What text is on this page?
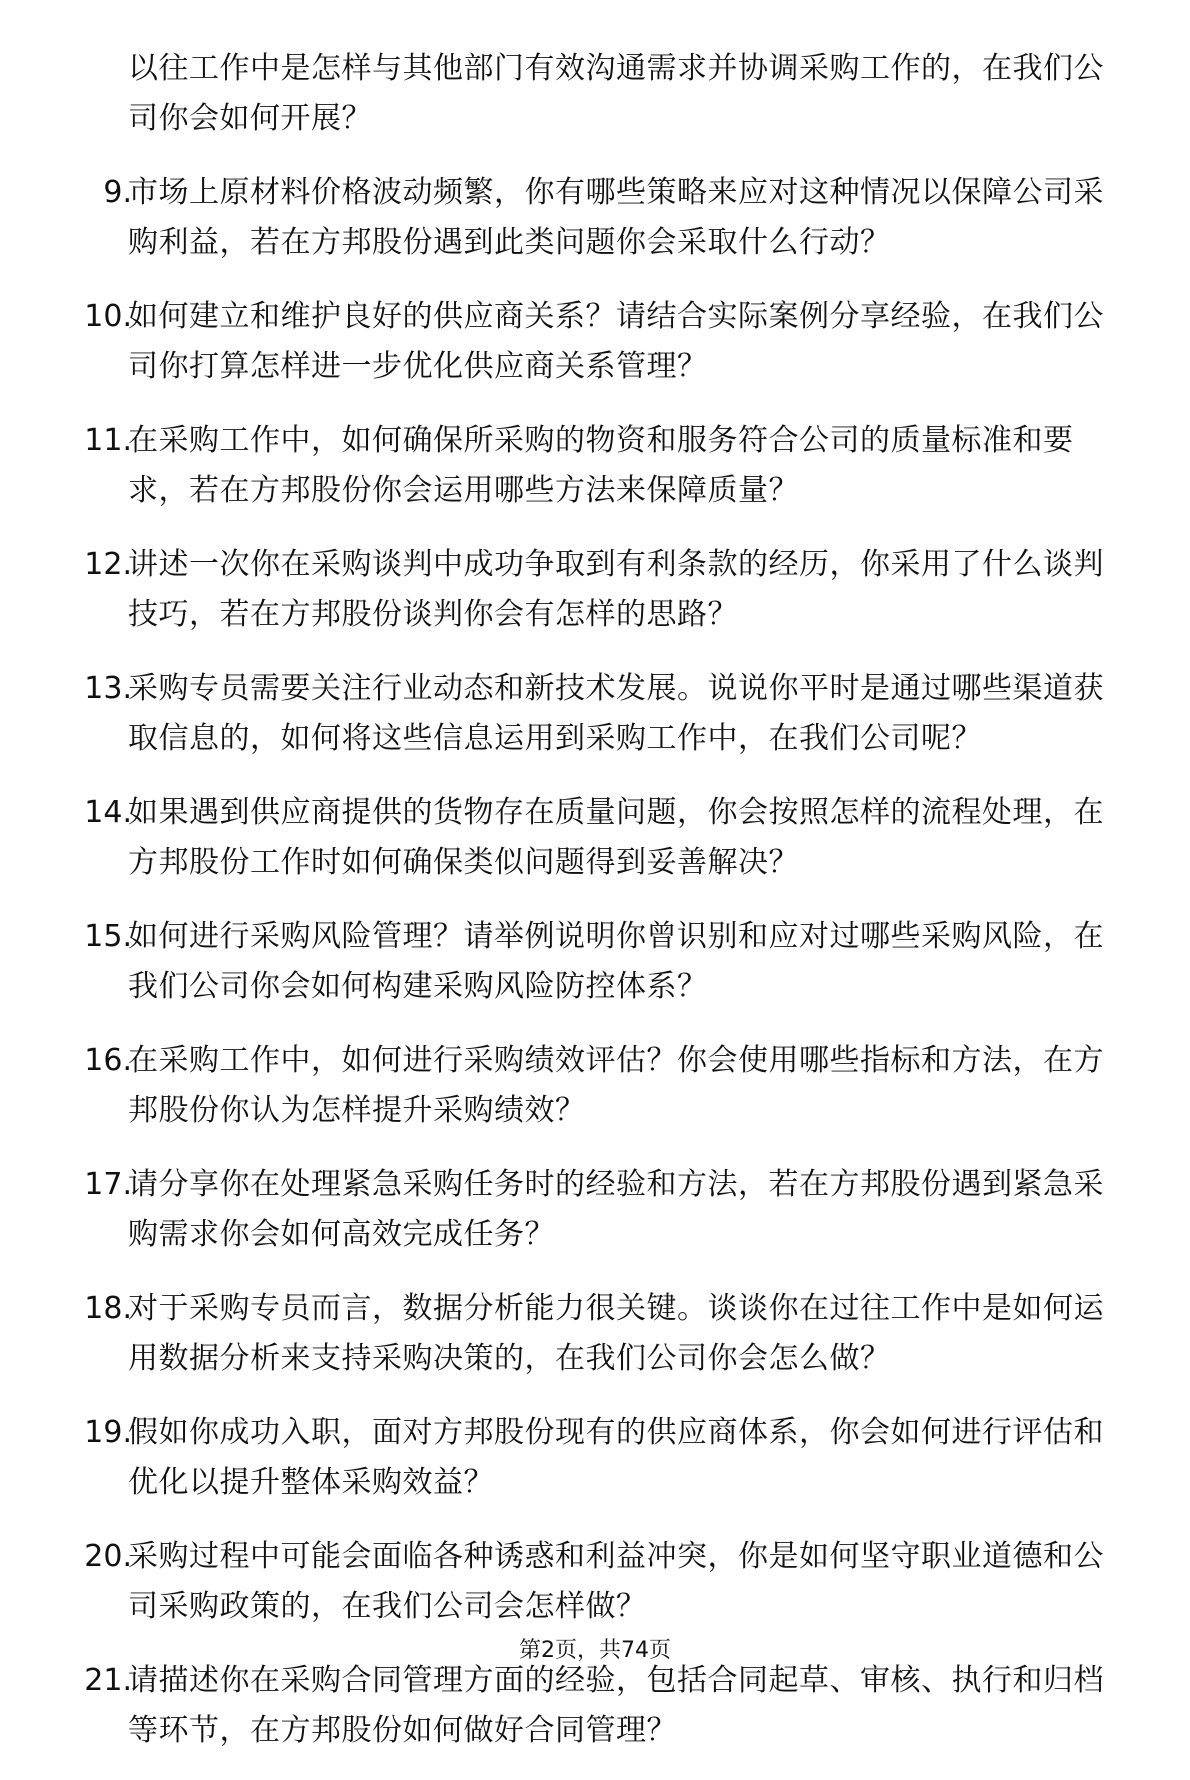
以往工作中是怎样与其他部门有效沟通需求并协调采购工作的，在我们公司你会如何开展？
9.
市场上原材料价格波动频繁，你有哪些策略来应对这种情况以保障公司采购利益，若在方邦股份遇到此类问题你会采取什么行动？
10.
如何建立和维护良好的供应商关系？请结合实际案例分享经验，在我们公司你打算怎样进一步优化供应商关系管理？
11.
在采购工作中，如何确保所采购的物资和服务符合公司的质量标准和要求，若在方邦股份你会运用哪些方法来保障质量？
12.
讲述一次你在采购谈判中成功争取到有利条款的经历，你采用了什么谈判技巧，若在方邦股份谈判你会有怎样的思路？
13.
采购专员需要关注行业动态和新技术发展。说说你平时是通过哪些渠道获取信息的，如何将这些信息运用到采购工作中，在我们公司呢？
14.
如果遇到供应商提供的货物存在质量问题，你会按照怎样的流程处理，在方邦股份工作时如何确保类似问题得到妥善解决？
15.
如何进行采购风险管理？请举例说明你曾识别和应对过哪些采购风险，在我们公司你会如何构建采购风险防控体系？
16.
在采购工作中，如何进行采购绩效评估？你会使用哪些指标和方法，在方邦股份你认为怎样提升采购绩效？
17.
请分享你在处理紧急采购任务时的经验和方法，若在方邦股份遇到紧急采购需求你会如何高效完成任务？
18.
对于采购专员而言，数据分析能力很关键。谈谈你在过往工作中是如何运用数据分析来支持采购决策的，在我们公司你会怎么做？
19.
假如你成功入职，面对方邦股份现有的供应商体系，你会如何进行评估和优化以提升整体采购效益？
20.
采购过程中可能会面临各种诱惑和利益冲突，你是如何坚守职业道德和公司采购政策的，在我们公司会怎样做？
21.
请描述你在采购合同管理方面的经验，包括合同起草、审核、执行和归档等环节，在方邦股份如何做好合同管理？
第2页，共74页
